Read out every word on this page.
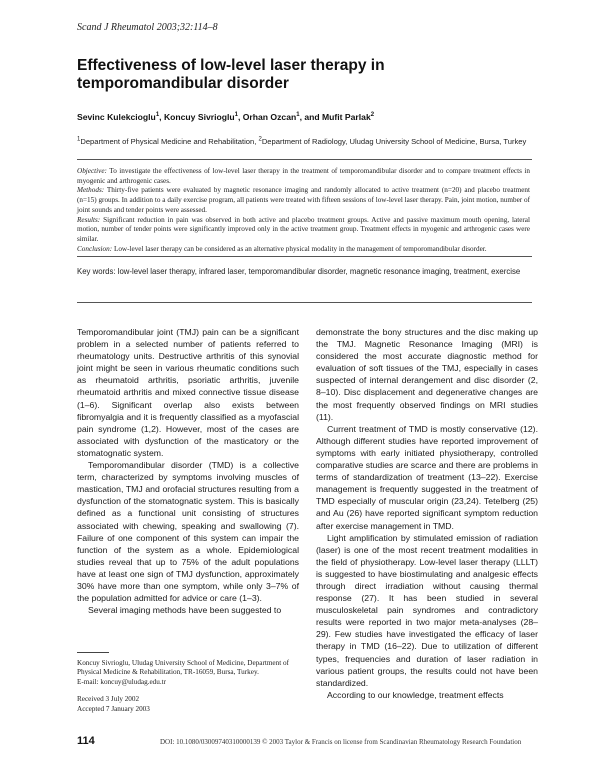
Scand J Rheumatol 2003;32:114–8
Effectiveness of low-level laser therapy in temporomandibular disorder
Sevinc Kulekcioglu$^1$, Koncuy Sivrioglu$^1$, Orhan Ozcan$^1$, and Mufit Parlak$^2$
$^1$Department of Physical Medicine and Rehabilitation, $^2$Department of Radiology, Uludag University School of Medicine, Bursa, Turkey

Objective: To investigate the effectiveness of low-level laser therapy in the treatment of temporomandibular disorder and to compare treatment effects in myogenic and arthrogenic cases.

Methods: Thirty-five patients were evaluated by magnetic resonance imaging and randomly allocated to active treatment (n=20) and placebo treatment (n=15) groups. In addition to a daily exercise program, all patients were treated with fifteen sessions of low-level laser therapy. Pain, joint motion, number of joint sounds and tender points were assessed.

Results: Significant reduction in pain was observed in both active and placebo treatment groups. Active and passive maximum mouth opening, lateral motion, number of tender points were significantly improved only in the active treatment group. Treatment effects in myogenic and arthrogenic cases were similar.

Conclusion: Low-level laser therapy can be considered as an alternative physical modality in the management of temporomandibular disorder.

Key words: low-level laser therapy, infrared laser, temporomandibular disorder, magnetic resonance imaging, treatment, exercise

Temporomandibular joint (TMJ) pain can be a significant problem in a selected number of patients referred to rheumatology units. Destructive arthritis of this synovial joint might be seen in various rheumatic conditions such as rheumatoid arthritis, psoriatic arthritis, juvenile rheumatoid arthritis and mixed connective tissue disease (1–6). Significant overlap also exists between fibromyalgia and it is frequently classified as a myofascial pain syndrome (1,2). However, most of the cases are associated with dysfunction of the masticatory or the stomatognatic system.

Temporomandibular disorder (TMD) is a collective term, characterized by symptoms involving muscles of mastication, TMJ and orofacial structures resulting from a dysfunction of the stomatognatic system. This is basically defined as a functional unit consisting of structures associated with chewing, speaking and swallowing (7). Failure of one component of this system can impair the function of the system as a whole. Epidemiological studies reveal that up to 75% of the adult populations have at least one sign of TMJ dysfunction, approximately 30% have more than one symptom, while only 3–7% of the population admitted for advice or care (1–3).

Several imaging methods have been suggested to

demonstrate the bony structures and the disc making up the TMJ. Magnetic Resonance Imaging (MRI) is considered the most accurate diagnostic method for evaluation of soft tissues of the TMJ, especially in cases suspected of internal derangement and disc disorder (2, 8–10). Disc displacement and degenerative changes are the most frequently observed findings on MRI studies (11).

Current treatment of TMD is mostly conservative (12). Although different studies have reported improvement of symptoms with early initiated physiotherapy, controlled comparative studies are scarce and there are problems in terms of standardization of treatment (13–22). Exercise management is frequently suggested in the treatment of TMD especially of muscular origin (23,24). Tetelberg (25) and Au (26) have reported significant symptom reduction after exercise management in TMD.

Light amplification by stimulated emission of radiation (laser) is one of the most recent treatment modalities in the field of physiotherapy. Low-level laser therapy (LLLT) is suggested to have biostimulating and analgesic effects through direct irradiation without causing thermal response (27). It has been studied in several musculoskeletal pain syndromes and contradictory results were reported in two major meta-analyses (28–29). Few studies have investigated the efficacy of laser therapy in TMD (16–22). Due to utilization of different types, frequencies and duration of laser radiation in various patient groups, the results could not have been standardized.

According to our knowledge, treatment effects

Koncuy Sivrioglu, Uludag University School of Medicine, Department of Physical Medicine & Rehabilitation, TR-16059, Bursa, Turkey.

E-mail: koncuy@uludag.edu.tr

Received 3 July 2002

Accepted 7 January 2003

114	DOI: 10.1080/03009740310000139 © 2003 Taylor & Francis on license from Scandinavian Rheumatology Research Foundation
